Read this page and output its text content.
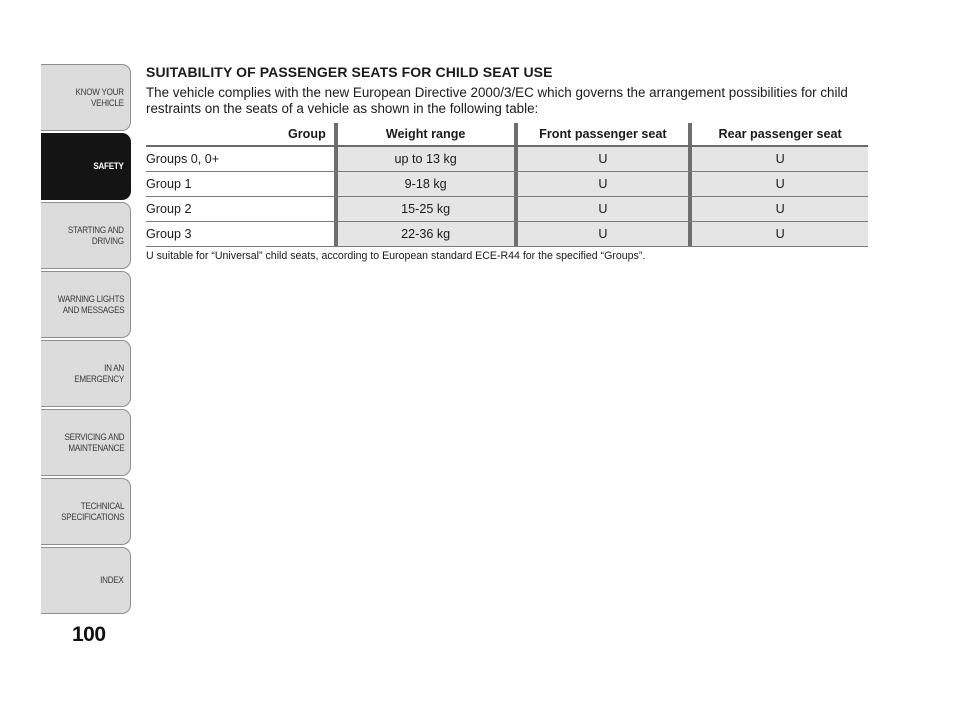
KNOW YOUR
VEHICLE
SAFETY
STARTING AND
DRIVING
WARNING LIGHTS
AND MESSAGES
IN AN EMERGENCY
SERVICING AND
MAINTENANCE
TECHNICAL
SPECIFICATIONS
INDEX
100
SUITABILITY OF PASSENGER SEATS FOR CHILD SEAT USE

The vehicle complies with the new European Directive 2000/3/EC which governs the arrangement possibilities for child restraints on the seats of a vehicle as shown in the following table:

Group		Weight range		Front passenger seat		Rear passenger seat
Groups 0, 0+		up to 13 kg		U		U
Group 1		9-18 kg		U		U
Group 2		15-25 kg		U		U
Group 3		22-36 kg		U		U

U suitable for “Universal” child seats, according to European standard ECE-R44 for the specified “Groups”.
